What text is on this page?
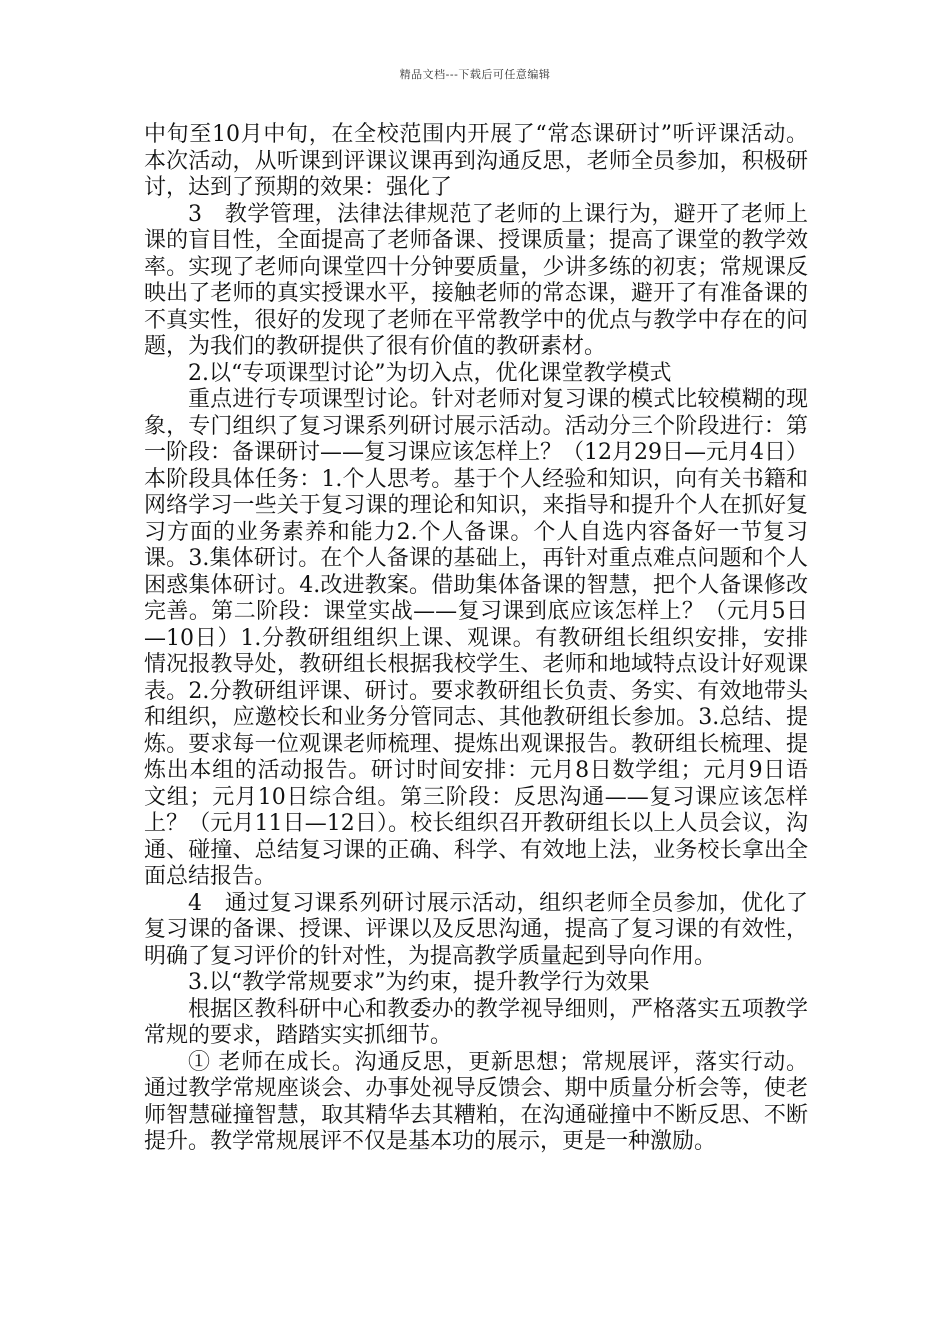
精品文档---下载后可任意编辑

中旬至10月中旬，在全校范围内开展了“常态课研讨”听评课活动。本次活动，从听课到评课议课再到沟通反思，老师全员参加，积极研讨，达到了预期的效果：强化了

3　教学管理，法律法律规范了老师的上课行为，避开了老师上课的盲目性，全面提高了老师备课、授课质量；提高了课堂的教学效率。实现了老师向课堂四十分钟要质量，少讲多练的初衷；常规课反映出了老师的真实授课水平，接触老师的常态课，避开了有准备课的不真实性，很好的发现了老师在平常教学中的优点与教学中存在的问题，为我们的教研提供了很有价值的教研素材。

2.以“专项课型讨论”为切入点，优化课堂教学模式

重点进行专项课型讨论。针对老师对复习课的模式比较模糊的现象，专门组织了复习课系列研讨展示活动。活动分三个阶段进行：第一阶段：备课研讨——复习课应该怎样上？（12月29日—元月4日）本阶段具体任务：1.个人思考。基于个人经验和知识，向有关书籍和网络学习一些关于复习课的理论和知识，来指导和提升个人在抓好复习方面的业务素养和能力2.个人备课。个人自选内容备好一节复习课。3.集体研讨。在个人备课的基础上，再针对重点难点问题和个人困惑集体研讨。4.改进教案。借助集体备课的智慧，把个人备课修改完善。第二阶段：课堂实战——复习课到底应该怎样上？（元月5日—10日）1.分教研组组织上课、观课。有教研组长组织安排，安排情况报教导处，教研组长根据我校学生、老师和地域特点设计好观课表。2.分教研组评课、研讨。要求教研组长负责、务实、有效地带头和组织，应邀校长和业务分管同志、其他教研组长参加。3.总结、提炼。要求每一位观课老师梳理、提炼出观课报告。教研组长梳理、提炼出本组的活动报告。研讨时间安排：元月8日数学组；元月9日语文组；元月10日综合组。第三阶段：反思沟通——复习课应该怎样上？（元月11日—12日）。校长组织召开教研组长以上人员会议，沟通、碰撞、总结复习课的正确、科学、有效地上法，业务校长拿出全面总结报告。

4　通过复习课系列研讨展示活动，组织老师全员参加，优化了复习课的备课、授课、评课以及反思沟通，提高了复习课的有效性，明确了复习评价的针对性，为提高教学质量起到导向作用。

3.以“教学常规要求”为约束，提升教学行为效果

根据区教科研中心和教委办的教学视导细则，严格落实五项教学常规的要求，踏踏实实抓细节。

① 老师在成长。沟通反思，更新思想；常规展评，落实行动。通过教学常规座谈会、办事处视导反馈会、期中质量分析会等，使老师智慧碰撞智慧，取其精华去其糟粕，在沟通碰撞中不断反思、不断提升。教学常规展评不仅是基本功的展示，更是一种激励。
